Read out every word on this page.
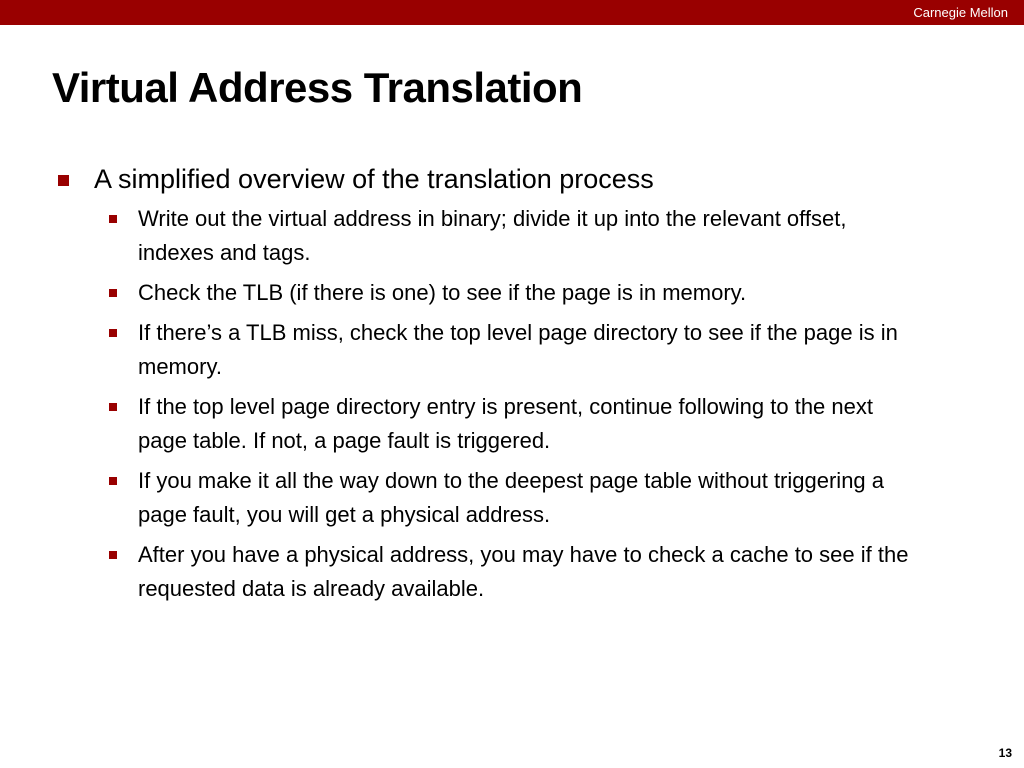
Carnegie Mellon
Virtual Address Translation
A simplified overview of the translation process
Write out the virtual address in binary; divide it up into the relevant offset, indexes and tags.
Check the TLB (if there is one) to see if the page is in memory.
If there’s a TLB miss, check the top level page directory to see if the page is in memory.
If the top level page directory entry is present, continue following to the next page table. If not, a page fault is triggered.
If you make it all the way down to the deepest page table without triggering a page fault, you will get a physical address.
After you have a physical address, you may have to check a cache to see if the requested data is already available.
13
